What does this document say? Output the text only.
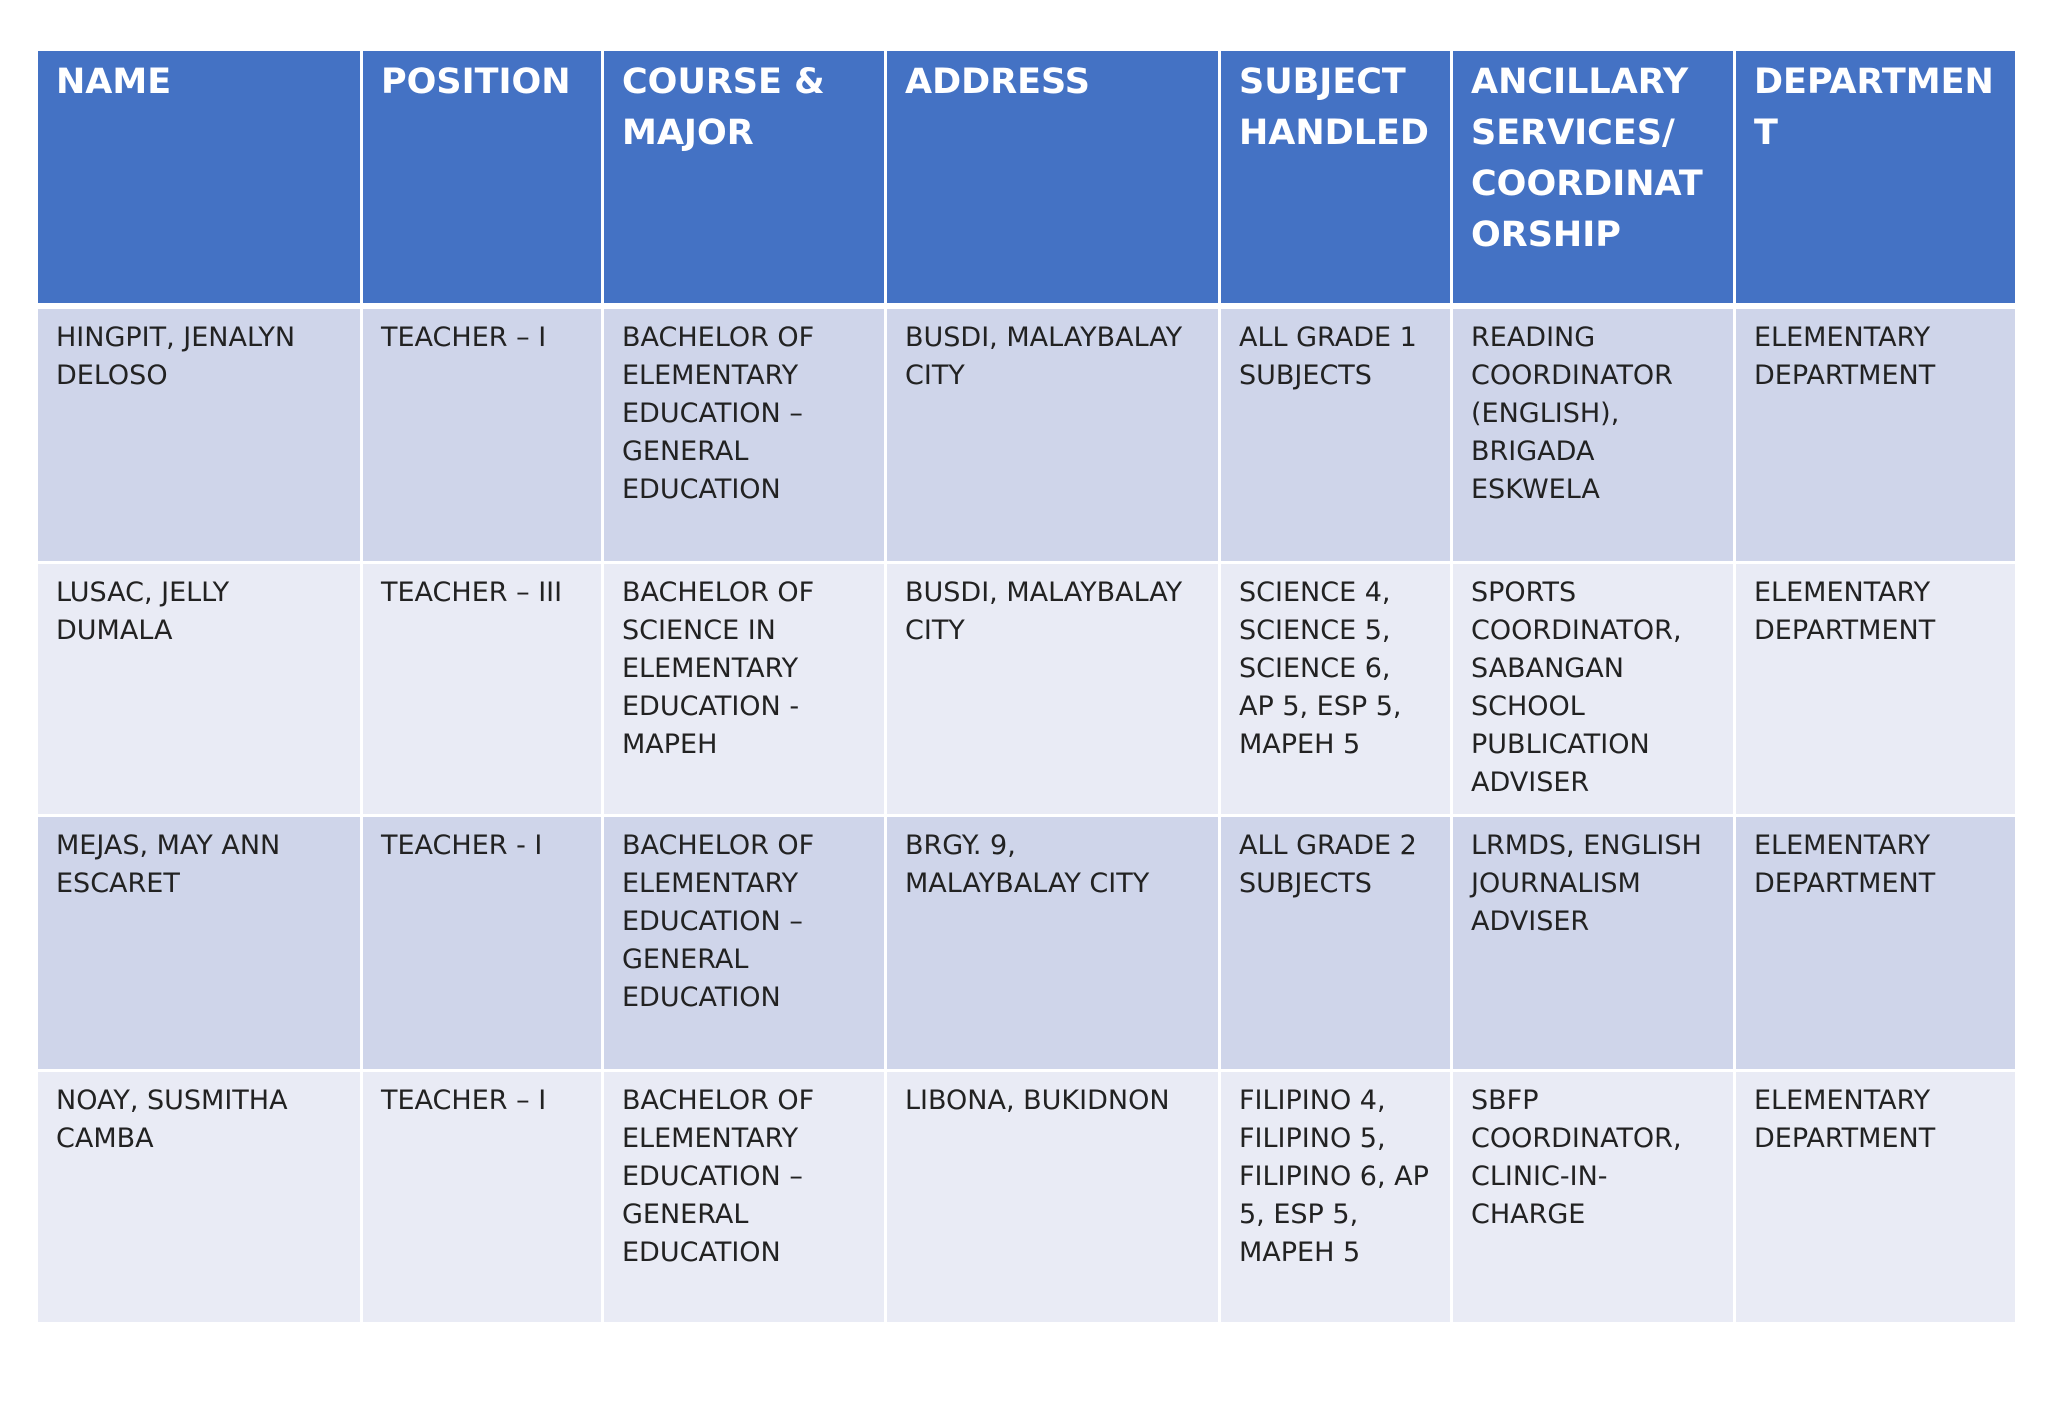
NAME	POSITION	COURSE & MAJOR	ADDRESS	SUBJECT HANDLED	ANCILLARY SERVICES/ COORDINATORSHIP	DEPARTMENT
HINGPIT, JENALYN DELOSO	TEACHER – I	BACHELOR OF ELEMENTARY EDUCATION – GENERAL EDUCATION	BUSDI, MALAYBALAY CITY	ALL GRADE 1 SUBJECTS	READING COORDINATOR (ENGLISH), BRIGADA ESKWELA	ELEMENTARY DEPARTMENT
LUSAC, JELLY DUMALA	TEACHER – III	BACHELOR OF SCIENCE IN ELEMENTARY EDUCATION - MAPEH	BUSDI, MALAYBALAY CITY	SCIENCE 4, SCIENCE 5, SCIENCE 6, AP 5, ESP 5, MAPEH 5	SPORTS COORDINATOR, SABANGAN SCHOOL PUBLICATION ADVISER	ELEMENTARY DEPARTMENT
MEJAS, MAY ANN ESCARET	TEACHER - I	BACHELOR OF ELEMENTARY EDUCATION – GENERAL EDUCATION	BRGY. 9, MALAYBALAY CITY	ALL GRADE 2 SUBJECTS	LRMDS, ENGLISH JOURNALISM ADVISER	ELEMENTARY DEPARTMENT
NOAY, SUSMITHA CAMBA	TEACHER – I	BACHELOR OF ELEMENTARY EDUCATION – GENERAL EDUCATION	LIBONA, BUKIDNON	FILIPINO 4, FILIPINO 5, FILIPINO 6, AP 5, ESP 5, MAPEH 5	SBFP COORDINATOR, CLINIC-IN-CHARGE	ELEMENTARY DEPARTMENT
